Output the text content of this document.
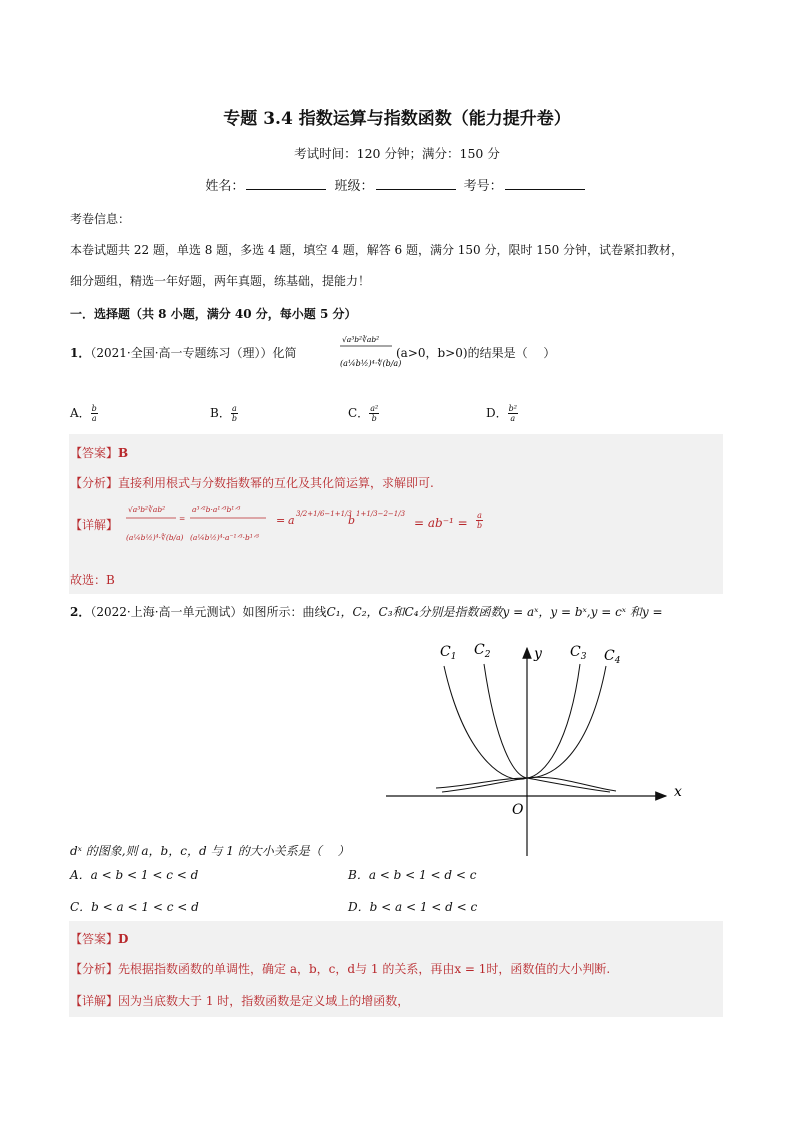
专题 3.4 指数运算与指数函数（能力提升卷）
考试时间：120 分钟；满分：150 分
姓名：	班级：	考号：
考卷信息：
本卷试题共 22 题，单选 8 题，多选 4 题，填空 4 题，解答 6 题，满分 150 分，限时 150 分钟，试卷紧扣教材，
细分题组，精选一年好题，两年真题，练基础，提能力！
一．选择题（共 8 小题，满分 40 分，每小题 5 分）
1．（2021·全国·高一专题练习（理））化简
√a³b²∛ab²
(a¼b½)⁴·∜(b/a)
(a>0，b>0)的结果是（　 ）
A． $\frac{b}{a}$	B． $\frac{a}{b}$	C． $\frac{\text{a²}}{b}$	D． $\frac{\text{b²}}{a}$
【答案】B
【分析】直接利用根式与分数指数幂的互化及其化简运算，求解即可.
【详解】
√a³b²∛ab²
(a¼b½)⁴·∜(b/a)
=
a³ᐟ²b·a¹ᐟ³b¹ᐟ³
(a¼b½)⁴·a⁻¹ᐟ³·b¹ᐟ³
= a 3/2+1/6−1+1/3
b 1+1/3−2−1/3
= $ab^{-1} = \frac{a}{b}$
故选：B
2．（2022·上海·高一单元测试）如图所示：曲线C₁，C₂，C₃和C₄分别是指数函数y = aˣ，y = bˣ,y = cˣ 和y =
$C_1$ $C_2$	$C_3$ $C_4$
y
x
O
dˣ 的图象,则 a，b，c，d 与 1 的大小关系是（　 ）
A．a < b < 1 < c < d	B．a < b < 1 < d < c
C．b < a < 1 < c < d	D．b < a < 1 < d < c
【答案】D
【分析】先根据指数函数的单调性，确定 a，b，c，d与 1 的关系，再由x = 1时，函数值的大小判断.
【详解】因为当底数大于 1 时，指数函数是定义域上的增函数，
